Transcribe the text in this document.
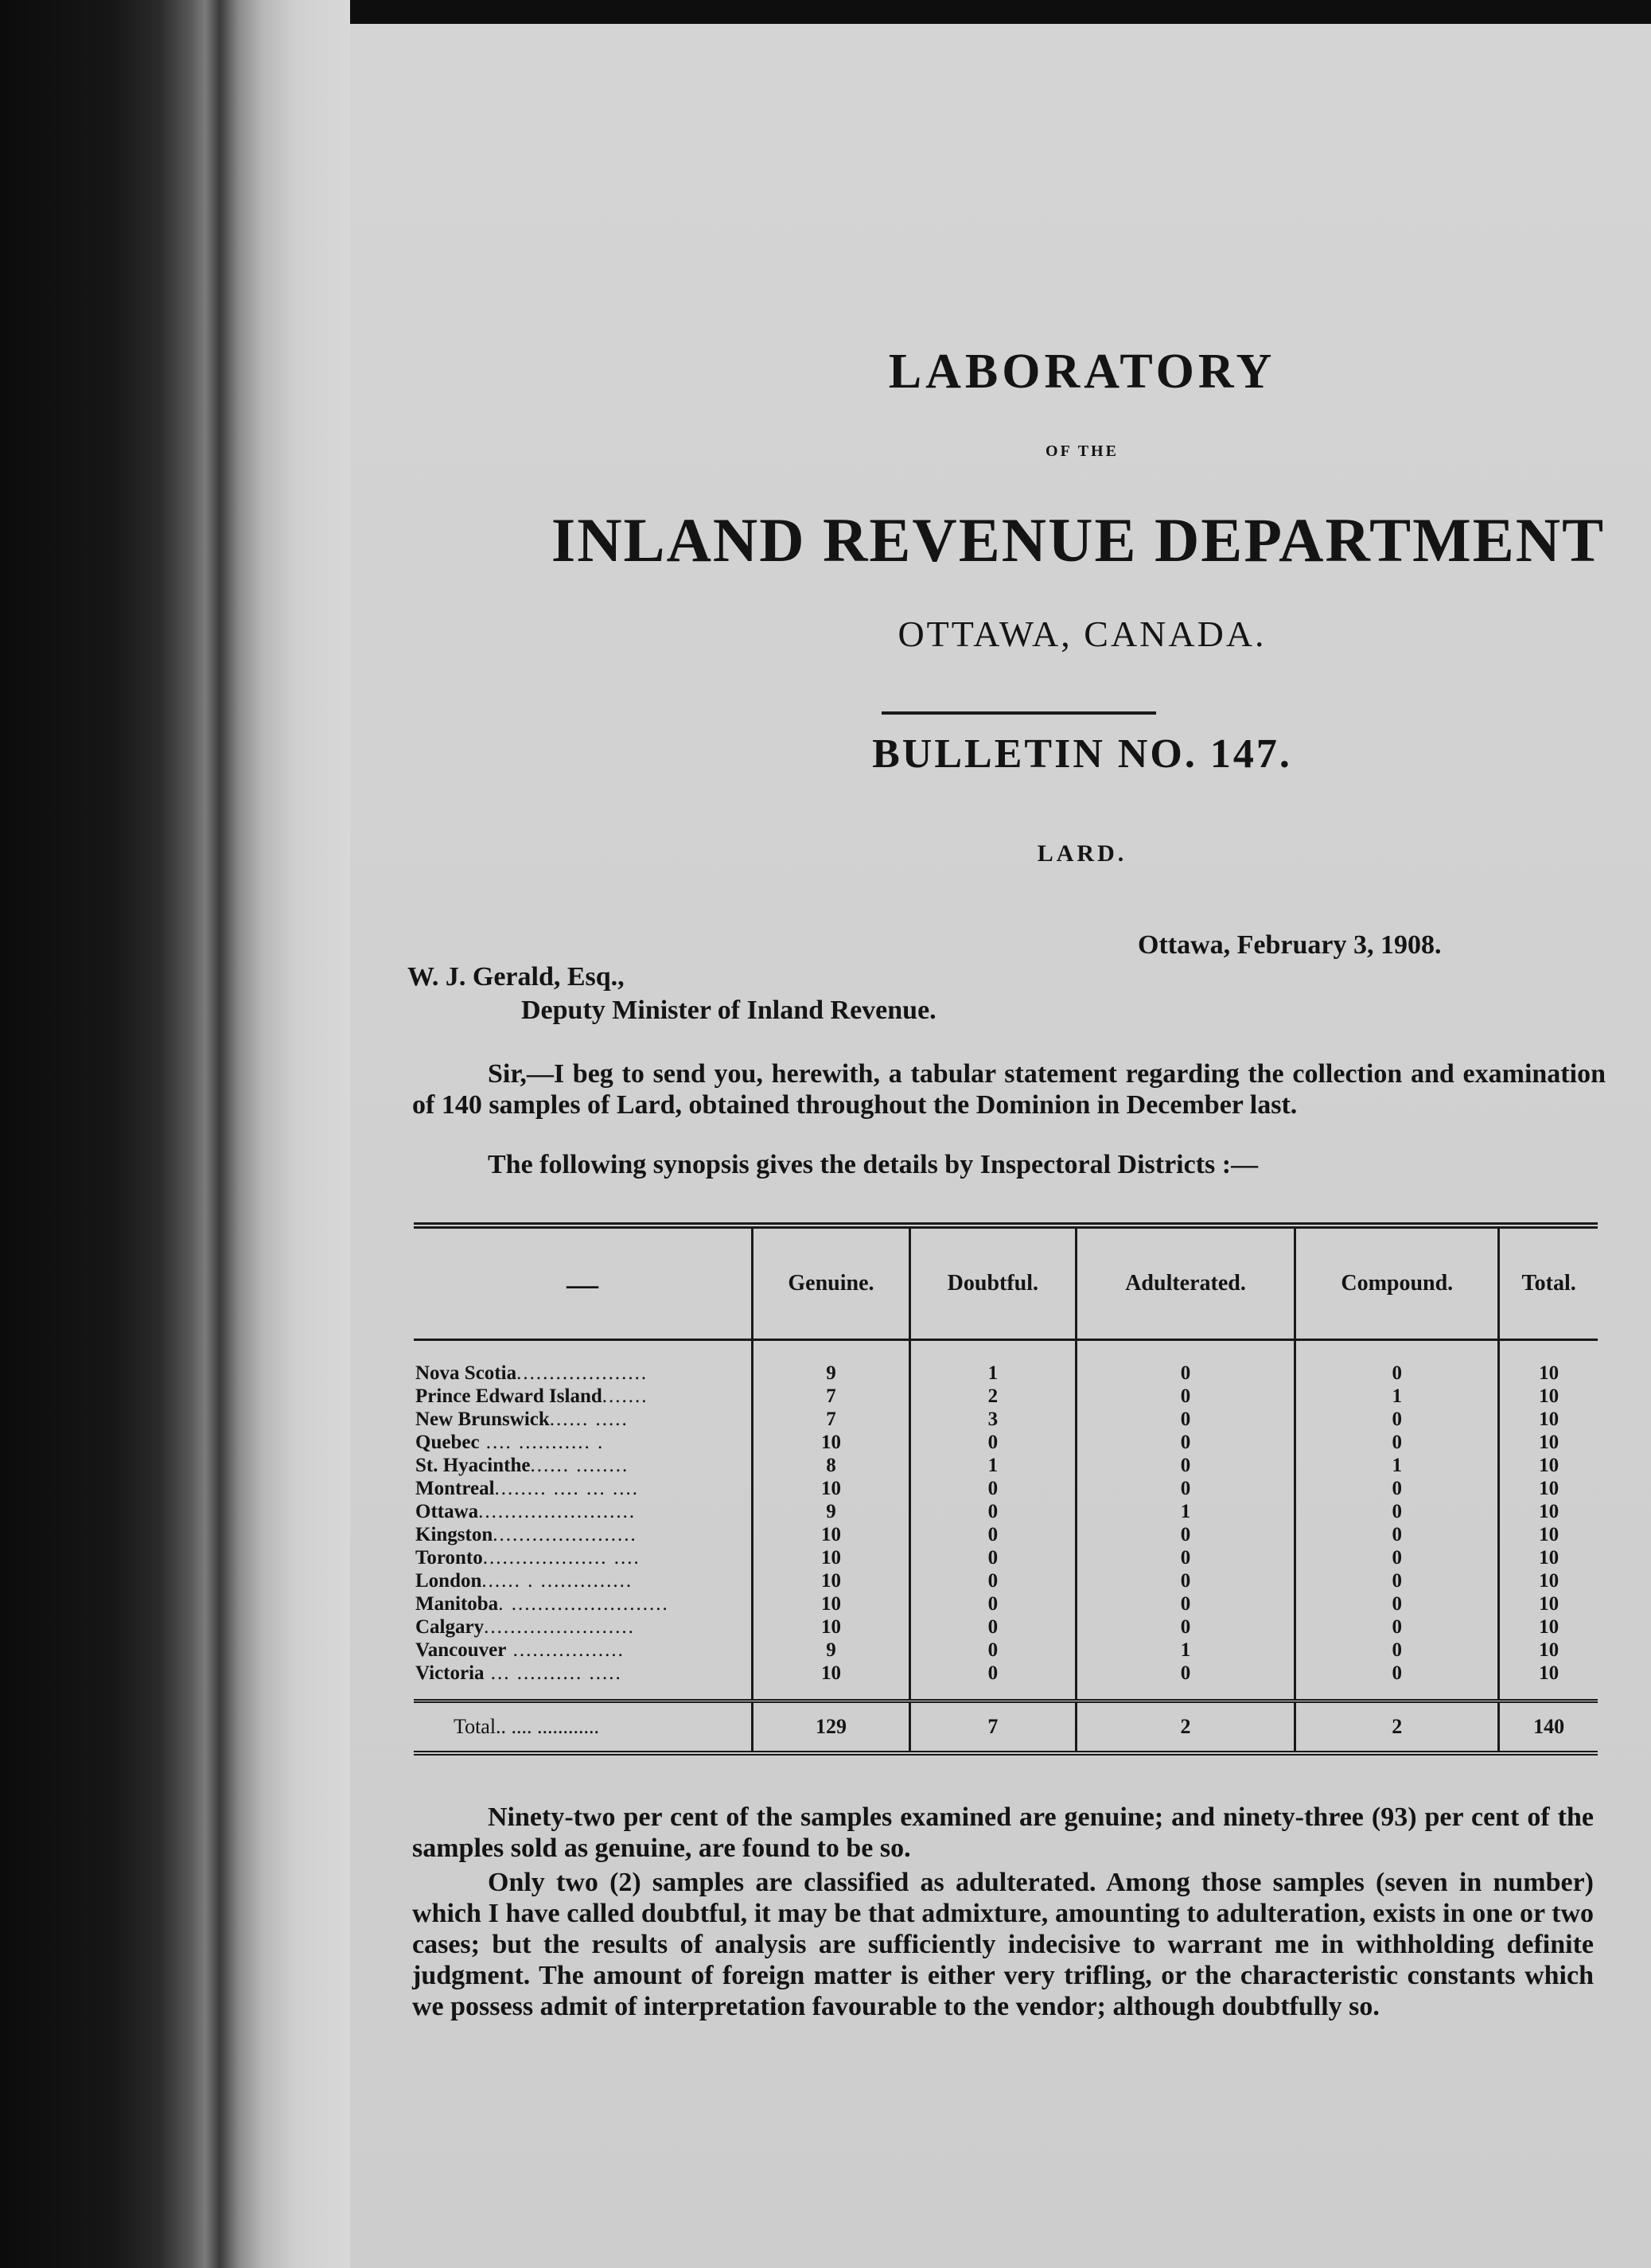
LABORATORY
OF THE
INLAND REVENUE DEPARTMENT
OTTAWA, CANADA.
BULLETIN NO. 147.
LARD.
Ottawa, February 3, 1908.
W. J. Gerald, Esq.,
Deputy Minister of Inland Revenue.
Sir,—I beg to send you, herewith, a tabular statement regarding the collection and examination of 140 samples of Lard, obtained throughout the Dominion in December last.
The following synopsis gives the details by Inspectoral Districts :—
—	Genuine.	Doubtful.	Adulterated.	Compound.	Total.
Nova Scotia....................	9	1	0	0	10
Prince Edward Island.......	7	2	0	1	10
New Brunswick...... .....	7	3	0	0	10
Quebec .... ........... .	10	0	0	0	10
St. Hyacinthe...... ........	8	1	0	1	10
Montreal........ .... ... ....	10	0	0	0	10
Ottawa........................	9	0	1	0	10
Kingston......................	10	0	0	0	10
Toronto................... ....	10	0	0	0	10
London...... . ..............	10	0	0	0	10
Manitoba. ........................	10	0	0	0	10
Calgary.......................	10	0	0	0	10
Vancouver .................	9	0	1	0	10
Victoria ... .......... .....	10	0	0	0	10
Total.. .... ............	129	7	2	2	140
Ninety-two per cent of the samples examined are genuine; and ninety-three (93) per cent of the samples sold as genuine, are found to be so.
Only two (2) samples are classified as adulterated. Among those samples (seven in number) which I have called doubtful, it may be that admixture, amounting to adulteration, exists in one or two cases; but the results of analysis are sufficiently indecisive to warrant me in withholding definite judgment. The amount of foreign matter is either very trifling, or the characteristic constants which we possess admit of interpretation favourable to the vendor; although doubtfully so.
